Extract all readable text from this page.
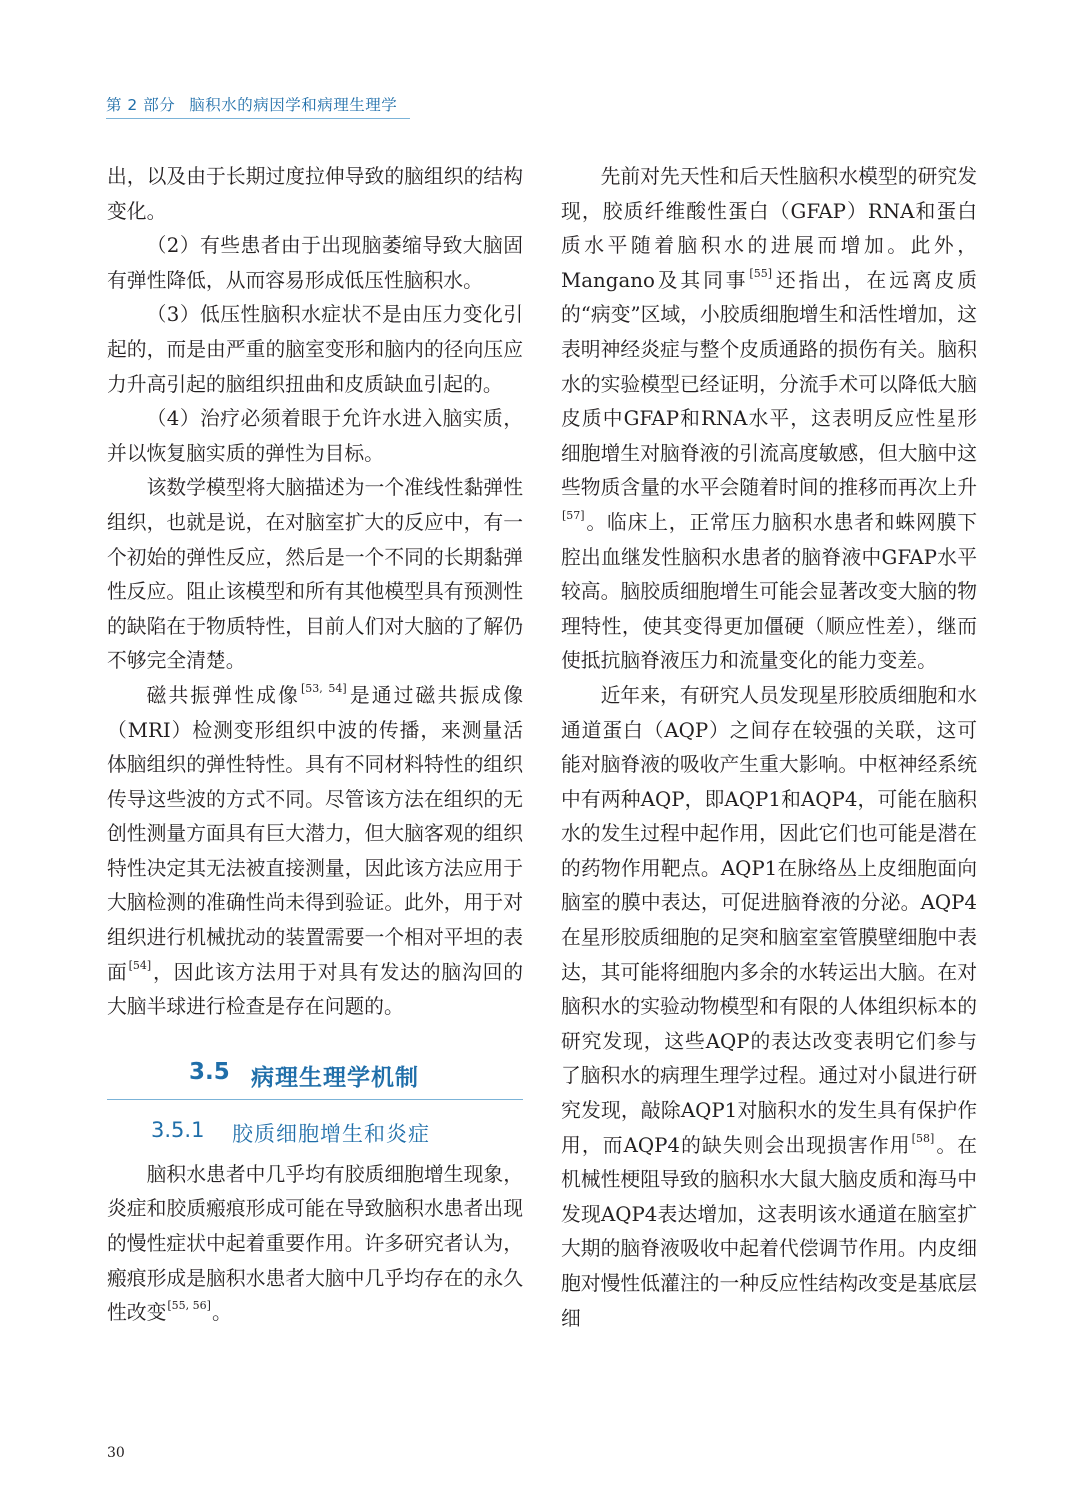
第 2 部分 脑积水的病因学和病理生理学

出，以及由于长期过度拉伸导致的脑组织的结构变化。

（2）有些患者由于出现脑萎缩导致大脑固有弹性降低，从而容易形成低压性脑积水。

（3）低压性脑积水症状不是由压力变化引起的，而是由严重的脑室变形和脑内的径向压应力升高引起的脑组织扭曲和皮质缺血引起的。

（4）治疗必须着眼于允许水进入脑实质，并以恢复脑实质的弹性为目标。

该数学模型将大脑描述为一个准线性黏弹性组织，也就是说，在对脑室扩大的反应中，有一个初始的弹性反应，然后是一个不同的长期黏弹性反应。阻止该模型和所有其他模型具有预测性的缺陷在于物质特性，目前人们对大脑的了解仍不够完全清楚。

磁共振弹性成像[53, 54]是通过磁共振成像（MRI）检测变形组织中波的传播，来测量活体脑组织的弹性特性。具有不同材料特性的组织传导这些波的方式不同。尽管该方法在组织的无创性测量方面具有巨大潜力，但大脑客观的组织特性决定其无法被直接测量，因此该方法应用于大脑检测的准确性尚未得到验证。此外，用于对组织进行机械扰动的装置需要一个相对平坦的表面[54]，因此该方法用于对具有发达的脑沟回的大脑半球进行检查是存在问题的。

3.5 病理生理学机制
3.5.1 胶质细胞增生和炎症

脑积水患者中几乎均有胶质细胞增生现象，炎症和胶质瘢痕形成可能在导致脑积水患者出现的慢性症状中起着重要作用。许多研究者认为，瘢痕形成是脑积水患者大脑中几乎均存在的永久性改变[55, 56]。

先前对先天性和后天性脑积水模型的研究发现，胶质纤维酸性蛋白（GFAP）RNA和蛋白质水平随着脑积水的进展而增加。此外，Mangano及其同事[55]还指出，在远离皮质的“病变”区域，小胶质细胞增生和活性增加，这表明神经炎症与整个皮质通路的损伤有关。脑积水的实验模型已经证明，分流手术可以降低大脑皮质中GFAP和RNA水平，这表明反应性星形细胞增生对脑脊液的引流高度敏感，但大脑中这些物质含量的水平会随着时间的推移而再次上升[57]。临床上，正常压力脑积水患者和蛛网膜下腔出血继发性脑积水患者的脑脊液中GFAP水平较高。脑胶质细胞增生可能会显著改变大脑的物理特性，使其变得更加僵硬（顺应性差），继而使抵抗脑脊液压力和流量变化的能力变差。

近年来，有研究人员发现星形胶质细胞和水通道蛋白（AQP）之间存在较强的关联，这可能对脑脊液的吸收产生重大影响。中枢神经系统中有两种AQP，即AQP1和AQP4，可能在脑积水的发生过程中起作用，因此它们也可能是潜在的药物作用靶点。AQP1在脉络丛上皮细胞面向脑室的膜中表达，可促进脑脊液的分泌。AQP4在星形胶质细胞的足突和脑室室管膜壁细胞中表达，其可能将细胞内多余的水转运出大脑。在对脑积水的实验动物模型和有限的人体组织标本的研究发现，这些AQP的表达改变表明它们参与了脑积水的病理生理学过程。通过对小鼠进行研究发现，敲除AQP1对脑积水的发生具有保护作用，而AQP4的缺失则会出现损害作用[58]。在机械性梗阻导致的脑积水大鼠大脑皮质和海马中发现AQP4表达增加，这表明该水通道在脑室扩大期的脑脊液吸收中起着代偿调节作用。内皮细胞对慢性低灌注的一种反应性结构改变是基底层细

30
